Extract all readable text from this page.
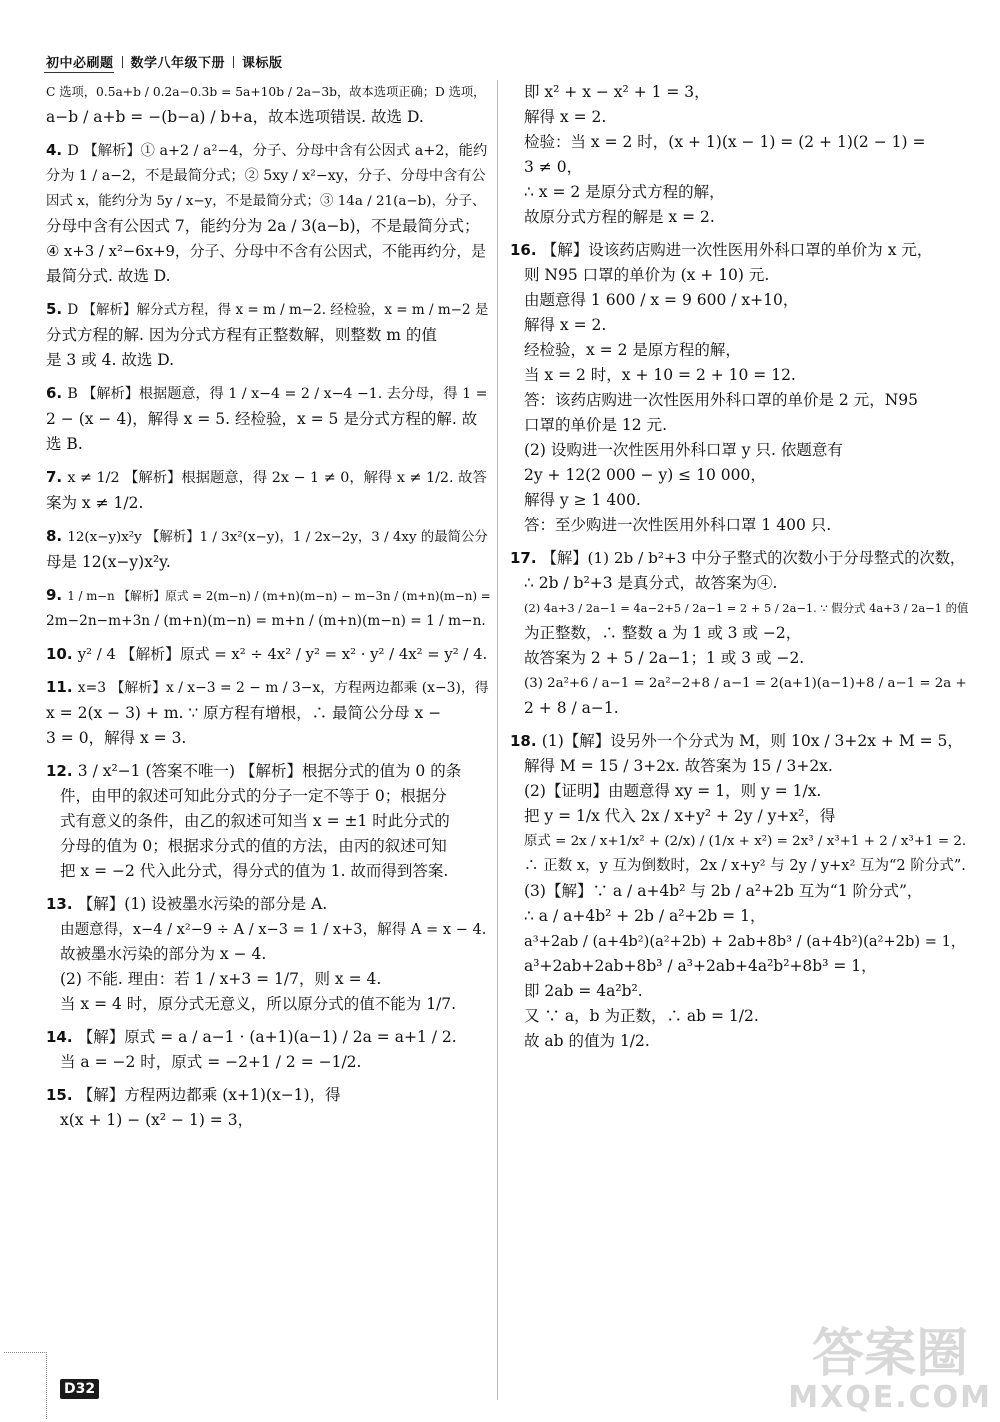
初中必刷题 数学八年级下册 课标版

C 选项，0.5a+b / 0.2a−0.3b = 5a+10b / 2a−3b，故本选项正确；D 选项，

a−b / a+b = −(b−a) / b+a，故本选项错误. 故选 D.

4. D 【解析】① a+2 / a²−4，分子、分母中含有公因式 a+2，能约

分为 1 / a−2，不是最简分式；② 5xy / x²−xy，分子、分母中含有公

因式 x，能约分为 5y / x−y，不是最简分式；③ 14a / 21(a−b)，分子、

分母中含有公因式 7，能约分为 2a / 3(a−b)，不是最简分式；

④ x+3 / x²−6x+9，分子、分母中不含有公因式，不能再约分，是

最简分式. 故选 D.

5. D 【解析】解分式方程，得 x = m / m−2. 经检验，x = m / m−2 是

分式方程的解. 因为分式方程有正整数解，则整数 m 的值

是 3 或 4. 故选 D.

6. B 【解析】根据题意，得 1 / x−4 = 2 / x−4 −1. 去分母，得 1 =

2 − (x − 4)，解得 x = 5. 经检验，x = 5 是分式方程的解. 故

选 B.

7. x ≠ 1/2 【解析】根据题意，得 2x − 1 ≠ 0，解得 x ≠ 1/2. 故答

案为 x ≠ 1/2.

8. 12(x−y)x²y 【解析】1 / 3x²(x−y)，1 / 2x−2y，3 / 4xy 的最简公分

母是 12(x−y)x²y.

9. 1 / m−n 【解析】原式 = 2(m−n) / (m+n)(m−n) − m−3n / (m+n)(m−n) =

2m−2n−m+3n / (m+n)(m−n) = m+n / (m+n)(m−n) = 1 / m−n.

10. y² / 4 【解析】原式 = x² ÷ 4x² / y² = x² · y² / 4x² = y² / 4.

11. x=3 【解析】x / x−3 = 2 − m / 3−x，方程两边都乘 (x−3)，得

x = 2(x − 3) + m. ∵ 原方程有增根，∴ 最简公分母 x −

3 = 0，解得 x = 3.

12. 3 / x²−1 (答案不唯一) 【解析】根据分式的值为 0 的条

件，由甲的叙述可知此分式的分子一定不等于 0；根据分

式有意义的条件，由乙的叙述可知当 x = ±1 时此分式的

分母的值为 0；根据求分式的值的方法，由丙的叙述可知

把 x = −2 代入此分式，得分式的值为 1. 故而得到答案.

13. 【解】(1) 设被墨水污染的部分是 A.

由题意得，x−4 / x²−9 ÷ A / x−3 = 1 / x+3，解得 A = x − 4.

故被墨水污染的部分为 x − 4.

(2) 不能. 理由：若 1 / x+3 = 1/7，则 x = 4.

当 x = 4 时，原分式无意义，所以原分式的值不能为 1/7.

14. 【解】原式 = a / a−1 · (a+1)(a−1) / 2a = a+1 / 2.

当 a = −2 时，原式 = −2+1 / 2 = −1/2.

15. 【解】方程两边都乘 (x+1)(x−1)，得

x(x + 1) − (x² − 1) = 3，

即 x² + x − x² + 1 = 3，

解得 x = 2.

检验：当 x = 2 时，(x + 1)(x − 1) = (2 + 1)(2 − 1) =

3 ≠ 0，

∴ x = 2 是原分式方程的解，

故原分式方程的解是 x = 2.

16. 【解】设该药店购进一次性医用外科口罩的单价为 x 元，

则 N95 口罩的单价为 (x + 10) 元.

由题意得 1 600 / x = 9 600 / x+10，

解得 x = 2.

经检验，x = 2 是原方程的解，

当 x = 2 时，x + 10 = 2 + 10 = 12.

答：该药店购进一次性医用外科口罩的单价是 2 元，N95

口罩的单价是 12 元.

(2) 设购进一次性医用外科口罩 y 只. 依题意有

2y + 12(2 000 − y) ≤ 10 000，

解得 y ≥ 1 400.

答：至少购进一次性医用外科口罩 1 400 只.

17. 【解】(1) 2b / b²+3 中分子整式的次数小于分母整式的次数，

∴ 2b / b²+3 是真分式，故答案为④.

(2) 4a+3 / 2a−1 = 4a−2+5 / 2a−1 = 2 + 5 / 2a−1. ∵ 假分式 4a+3 / 2a−1 的值

为正整数，∴ 整数 a 为 1 或 3 或 −2，

故答案为 2 + 5 / 2a−1；1 或 3 或 −2.

(3) 2a²+6 / a−1 = 2a²−2+8 / a−1 = 2(a+1)(a−1)+8 / a−1 = 2a +

2 + 8 / a−1.

18. (1)【解】设另外一个分式为 M，则 10x / 3+2x + M = 5，

解得 M = 15 / 3+2x. 故答案为 15 / 3+2x.

(2)【证明】由题意得 xy = 1，则 y = 1/x.

把 y = 1/x 代入 2x / x+y² + 2y / y+x²，得

原式 = 2x / x+1/x² + (2/x) / (1/x + x²) = 2x³ / x³+1 + 2 / x³+1 = 2.

∴ 正数 x，y 互为倒数时，2x / x+y² 与 2y / y+x² 互为“2 阶分式”.

(3)【解】∵ a / a+4b² 与 2b / a²+2b 互为“1 阶分式”，

∴ a / a+4b² + 2b / a²+2b = 1，

a³+2ab / (a+4b²)(a²+2b) + 2ab+8b³ / (a+4b²)(a²+2b) = 1，

a³+2ab+2ab+8b³ / a³+2ab+4a²b²+8b³ = 1，

即 2ab = 4a²b².

又 ∵ a，b 为正数，∴ ab = 1/2.

故 ab 的值为 1/2.

D32
答案圈
MXQE.COM
